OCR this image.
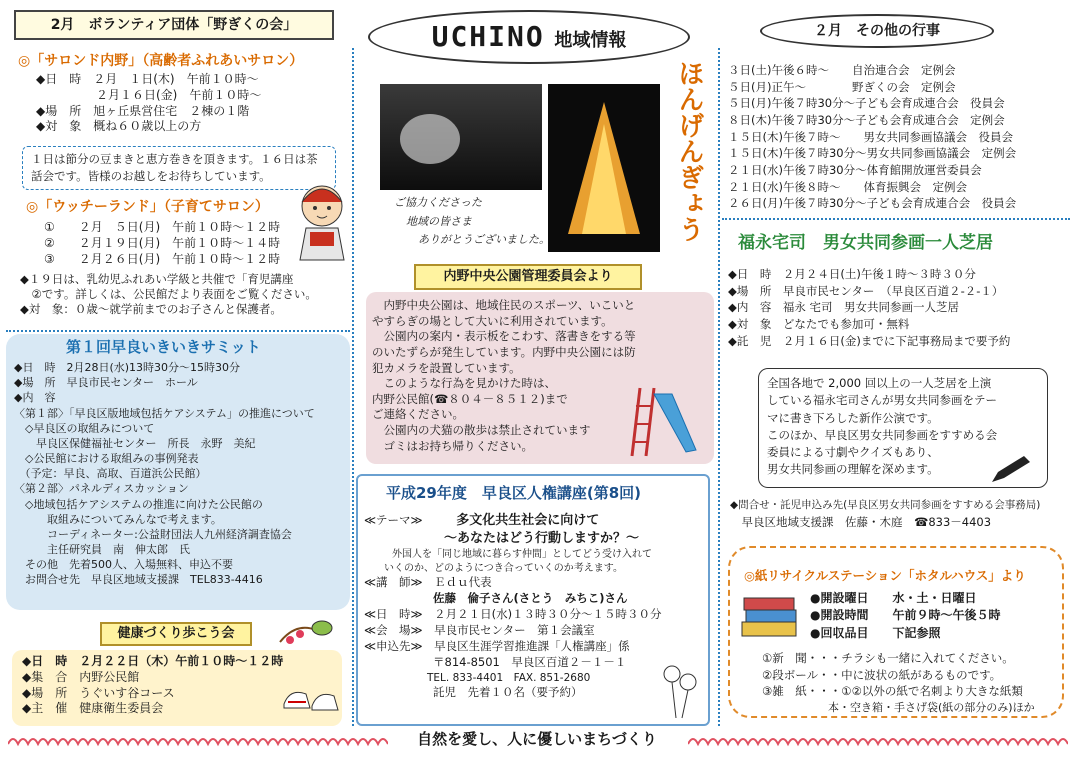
2月　ボランティア団体「野ぎくの会」
◎「サロンド内野」（高齢者ふれあいサロン）
◆日　時　２月　１日(木)　午前１０時～
　　　　　２月１６日(金)　午前１０時～
◆場　所　旭ヶ丘県営住宅　２棟の１階
◆対　象　概ね６０歳以上の方
１日は節分の豆まきと恵方巻きを頂きます。１６日は茶話会です。皆様のお越しをお待ちしています。
◎「ウッチーランド」（子育てサロン）
①　　２月　５日(月)　午前１０時～１２時
②　　２月１９日(月)　午前１０時～１４時
③　　２月２６日(月)　午前１０時～１２時
◆１９日は、乳幼児ふれあい学級と共催で「育児講座
　②です。詳しくは、公民館だより表面をご覧ください。
◆対　象：０歳～就学前までのお子さんと保護者。
第１回早良いきいきサミット
◆日　時　2月28日(水)13時30分～15時30分
◆場　所　早良市民センター　ホール
◆内　容
〈第１部〉「早良区版地域包括ケアシステム」の推進について
　◇早良区の取組みについて
　　早良区保健福祉センター　所長　永野　美紀
　◇公民館における取組みの事例発表
　（予定：早良、高取、百道浜公民館）
〈第２部〉パネルディスカッション
　◇地域包括ケアシステムの推進に向けた公民館の
　　　取組みについてみんなで考えます。
　　　コーディネーター:公益財団法人九州経済調査協会
　　　主任研究員　南　伸太郎　氏
　その他　先着500人、入場無料、申込不要
　お問合せ先　早良区地域支援課　TEL833-4416
健康づくり歩こう会
◆日　時　２月２２日（木）午前１０時～１２時
◆集　合　内野公民館
◆場　所　うぐいす谷コース
◆主　催　健康衛生委員会
UCHINO 地域情報
ほんげんぎょう
ご協力くださった
地域の皆さま
ありがとうございました。
内野中央公園管理委員会より
　内野中央公園は、地域住民のスポーツ、いこいと
やすらぎの場として大いに利用されています。
　公園内の案内・表示板をこわす、落書きをする等
のいたずらが発生しています。内野中央公園には防
犯カメラを設置しています。
　このような行為を見かけた時は、
内野公民館(☎８０４－８５１２)まで
ご連絡ください。
　公園内の犬猫の散歩は禁止されています
　ゴミはお持ち帰りください。
平成29年度　早良区人権講座(第8回)
≪テーマ≫	多文化共生社会に向けて
～あなたはどう行動しますか？～
外国人を「同じ地域に暮らす仲間」としてどう受け入れて
いくのか、どのようにつき合っていくのか考えます。
≪講　師≫　Ｅｄｕ代表
　　　　　　佐藤　倫子さん(さとう　みちこ)さん
≪日　時≫　２月２１日(水)１３時３０分～１５時３０分
≪会　場≫　早良市民センター　第１会議室
≪申込先≫　早良区生涯学習推進課「人権講座」係
　　　　　　〒814-8501　早良区百道２－１－１
　　　　　　TEL. 833-4401　FAX. 851-2680
　　　　　　託児　先着１０名（要予約）
２月　その他の行事
３日(土)午後６時～　　自治連合会　定例会
５日(月)正午～　　　　野ぎくの会　定例会
５日(月)午後７時30分～子ども会育成連合会　役員会
８日(木)午後７時30分～子ども会育成連合会　定例会
１５日(木)午後７時～　　男女共同参画協議会　役員会
１５日(木)午後７時30分～男女共同参画協議会　定例会
２１日(水)午後７時30分～体育館開放運営委員会
２１日(水)午後８時～　　体育振興会　定例会
２６日(月)午後７時30分～子ども会育成連合会　役員会
福永宅司　男女共同参画一人芝居
◆日　時　２月２４日(土)午後１時～３時３０分
◆場　所　早良市民センター　（早良区百道２-２-１）
◆内　容　福永 宅司　男女共同参画一人芝居
◆対　象　どなたでも参加可・無料
◆託　児　２月１６日(金)までに下記事務局まで要予約
全国各地で 2,000 回以上の一人芝居を上演
している福永宅司さんが男女共同参画をテー
マに書き下ろした新作公演です。
このほか、早良区男女共同参画をすすめる会
委員による寸劇やクイズもあり、
男女共同参画の理解を深めます。
◆問合せ・託児申込み先(早良区男女共同参画をすすめる会事務局)
　早良区地域支援課　佐藤・木庭　☎833－4403
◎紙リサイクルステーション「ホタルハウス」より
●開設曜日　　水・土・日曜日
●開設時間　　午前９時～午後５時
●回収品目　　下記参照
①新　聞・・・チラシも一緒に入れてください。
②段ボール・・中に波状の紙があるものです。
③雑　紙・・・①②以外の紙で名刺より大きな紙類
　　　　　　本・空き箱・手さげ袋(紙の部分のみ)ほか
自然を愛し、人に優しいまちづくり
